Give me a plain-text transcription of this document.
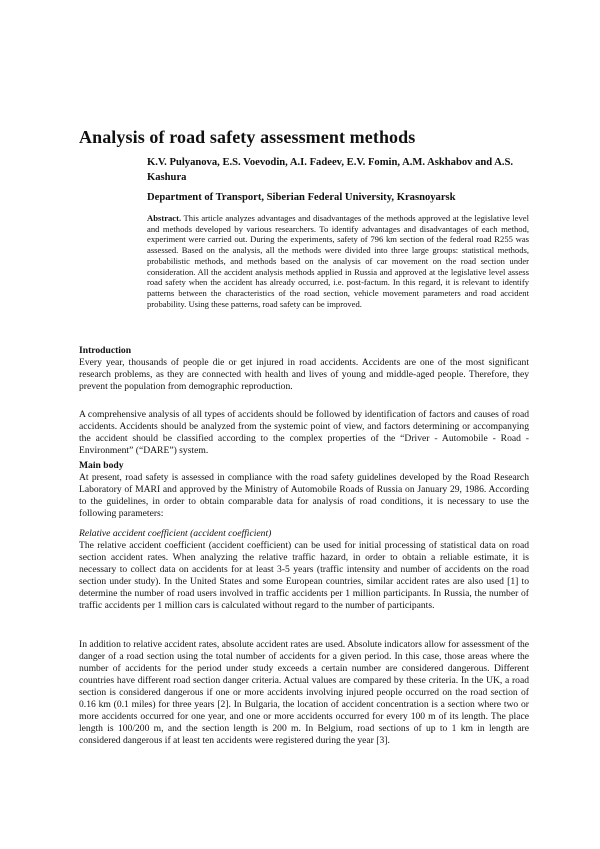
Analysis of road safety assessment methods

K.V. Pulyanova, E.S. Voevodin, A.I. Fadeev, E.V. Fomin, A.M. Askhabov and A.S. Kashura

Department of Transport, Siberian Federal University, Krasnoyarsk

Abstract. This article analyzes advantages and disadvantages of the methods approved at the legislative level and methods developed by various researchers. To identify advantages and disadvantages of each method, experiment were carried out. During the experiments, safety of 796 km section of the federal road R255 was assessed. Based on the analysis, all the methods were divided into three large groups: statistical methods, probabilistic methods, and methods based on the analysis of car movement on the road section under consideration. All the accident analysis methods applied in Russia and approved at the legislative level assess road safety when the accident has already occurred, i.e. post-factum. In this regard, it is relevant to identify patterns between the characteristics of the road section, vehicle movement parameters and road accident probability. Using these patterns, road safety can be improved.

Introduction

Every year, thousands of people die or get injured in road accidents. Accidents are one of the most significant research problems, as they are connected with health and lives of young and middle-aged people. Therefore, they prevent the population from demographic reproduction.

A comprehensive analysis of all types of accidents should be followed by identification of factors and causes of road accidents. Accidents should be analyzed from the systemic point of view, and factors determining or accompanying the accident should be classified according to the complex properties of the “Driver - Automobile - Road - Environment” (“DARE”) system.

Main body

At present, road safety is assessed in compliance with the road safety guidelines developed by the Road Research Laboratory of MARI and approved by the Ministry of Automobile Roads of Russia on January 29, 1986. According to the guidelines, in order to obtain comparable data for analysis of road conditions, it is necessary to use the following parameters:

Relative accident coefficient (accident coefficient)

The relative accident coefficient (accident coefficient) can be used for initial processing of statistical data on road section accident rates. When analyzing the relative traffic hazard, in order to obtain a reliable estimate, it is necessary to collect data on accidents for at least 3-5 years (traffic intensity and number of accidents on the road section under study). In the United States and some European countries, similar accident rates are also used [1] to determine the number of road users involved in traffic accidents per 1 million participants. In Russia, the number of traffic accidents per 1 million cars is calculated without regard to the number of participants.

In addition to relative accident rates, absolute accident rates are used. Absolute indicators allow for assessment of the danger of a road section using the total number of accidents for a given period. In this case, those areas where the number of accidents for the period under study exceeds a certain number are considered dangerous. Different countries have different road section danger criteria. Actual values are compared by these criteria. In the UK, a road section is considered dangerous if one or more accidents involving injured people occurred on the road section of 0.16 km (0.1 miles) for three years [2]. In Bulgaria, the location of accident concentration is a section where two or more accidents occurred for one year, and one or more accidents occurred for every 100 m of its length. The place length is 100/200 m, and the section length is 200 m. In Belgium, road sections of up to 1 km in length are considered dangerous if at least ten accidents were registered during the year [3].
